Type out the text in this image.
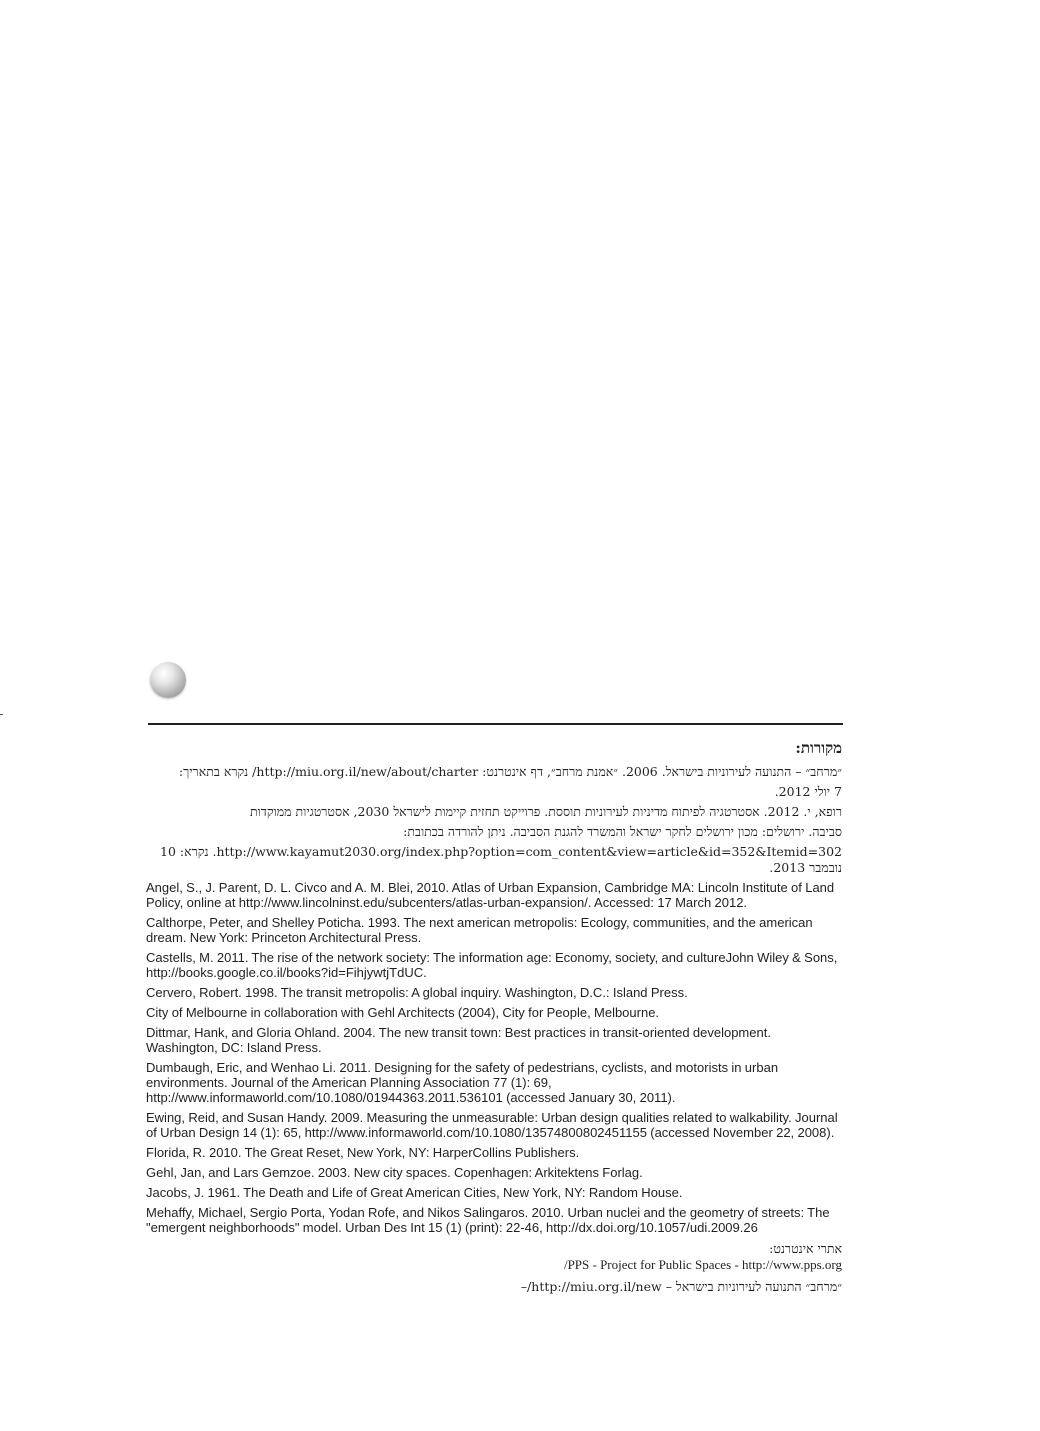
מקורות:
״מרחב״ – התנועה לעירוניות בישראל. 2006. ״אמנת מרחב״, דף אינטרנט: http://miu.org.il/new/about/charter/ נקרא בתאריך:
7 יולי 2012.
רופא, י. 2012. אסטרטגיה לפיתוח מדיניות לעירוניות תוססת. פרוייקט תחזית קיימות לישראל 2030, אסטרטגיות ממוקדות
סביבה. ירושלים: מכון ירושלים לחקר ישראל והמשרד להגנת הסביבה. ניתן להורדה בכתובת:
http://www.kayamut2030.org/index.php?option=com_content&view=article&id=352&Itemid=302. נקרא: 10 נובמבר 2013.
Angel, S., J. Parent, D. L. Civco and A. M. Blei, 2010. Atlas of Urban Expansion, Cambridge MA: Lincoln Institute of Land Policy, online at http://www.lincolninst.edu/subcenters/atlas-urban-expansion/. Accessed: 17 March 2012.
Calthorpe, Peter, and Shelley Poticha. 1993. The next american metropolis: Ecology, communities, and the american dream. New York: Princeton Architectural Press.
Castells, M. 2011. The rise of the network society: The information age: Economy, society, and cultureJohn Wiley & Sons, http://books.google.co.il/books?id=FihjywtjTdUC.
Cervero, Robert. 1998. The transit metropolis: A global inquiry. Washington, D.C.: Island Press.
City of Melbourne in collaboration with Gehl Architects (2004), City for People, Melbourne.
Dittmar, Hank, and Gloria Ohland. 2004. The new transit town: Best practices in transit-oriented development. Washington, DC: Island Press.
Dumbaugh, Eric, and Wenhao Li. 2011. Designing for the safety of pedestrians, cyclists, and motorists in urban environments. Journal of the American Planning Association 77 (1): 69, http://www.informaworld.com/10.1080/01944363.2011.536101 (accessed January 30, 2011).
Ewing, Reid, and Susan Handy. 2009. Measuring the unmeasurable: Urban design qualities related to walkability. Journal of Urban Design 14 (1): 65, http://www.informaworld.com/10.1080/13574800802451155 (accessed November 22, 2008).
Florida, R. 2010. The Great Reset, New York, NY: HarperCollins Publishers.
Gehl, Jan, and Lars Gemzoe. 2003. New city spaces. Copenhagen: Arkitektens Forlag.
Jacobs, J. 1961. The Death and Life of Great American Cities, New York, NY: Random House.
Mehaffy, Michael, Sergio Porta, Yodan Rofe, and Nikos Salingaros. 2010. Urban nuclei and the geometry of streets: The "emergent neighborhoods" model. Urban Des Int 15 (1) (print): 22-46, http://dx.doi.org/10.1057/udi.2009.26
אתרי אינטרנט:
PPS - Project for Public Spaces - http://www.pps.org/
״מרחב״ התנועה לעירוניות בישראל – http://miu.org.il/new/–
